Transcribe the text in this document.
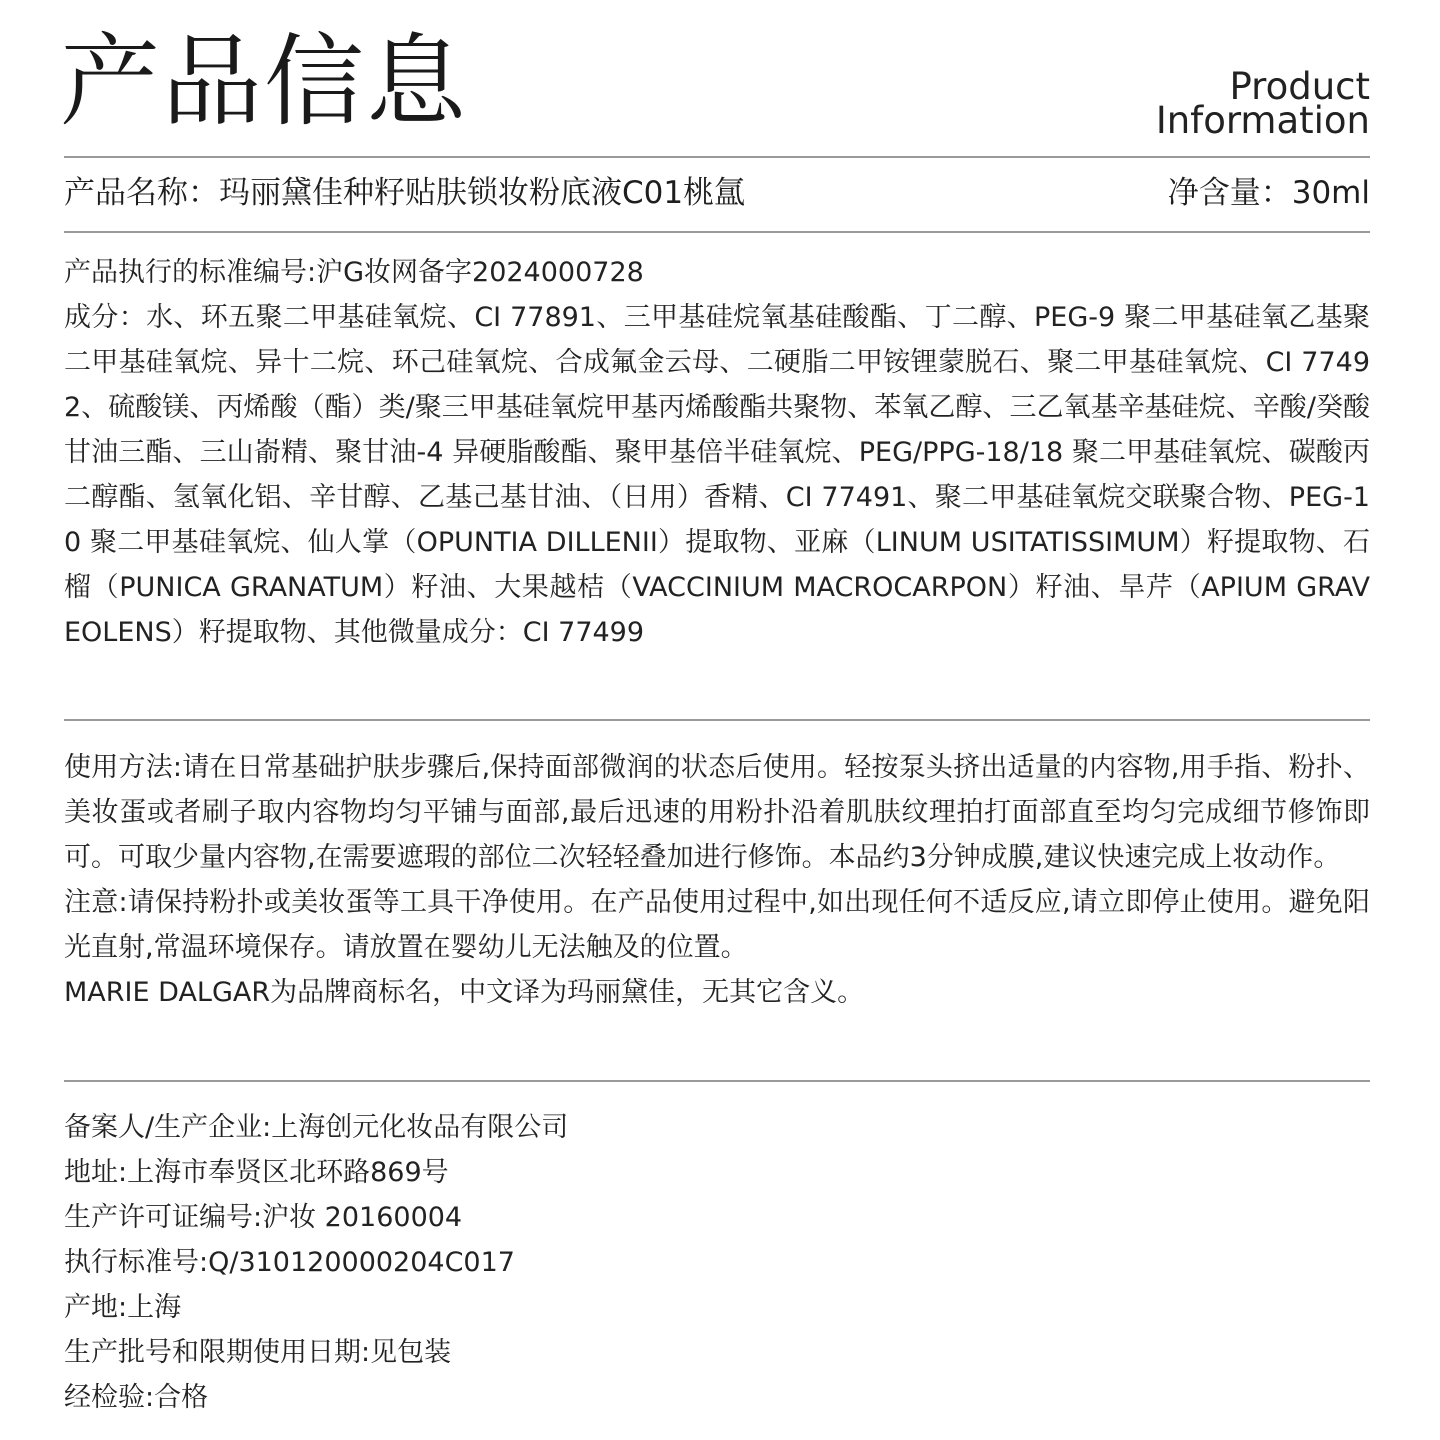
产品信息	Product
Information
产品名称：玛丽黛佳种籽贴肤锁妆粉底液C01桃氲	净含量：30ml

产品执行的标准编号:沪G妆网备字2024000728

成分：水、环五聚二甲基硅氧烷、CI 77891、三甲基硅烷氧基硅酸酯、丁二醇、PEG-9 聚二甲基硅氧乙基聚二甲基硅氧烷、异十二烷、环己硅氧烷、合成氟金云母、二硬脂二甲铵锂蒙脱石、聚二甲基硅氧烷、CI 77492、硫酸镁、丙烯酸（酯）类/聚三甲基硅氧烷甲基丙烯酸酯共聚物、苯氧乙醇、三乙氧基辛基硅烷、辛酸/癸酸甘油三酯、三山嵛精、聚甘油-4 异硬脂酸酯、聚甲基倍半硅氧烷、PEG/PPG-18/18 聚二甲基硅氧烷、碳酸丙二醇酯、氢氧化铝、辛甘醇、乙基己基甘油、（日用）香精、CI 77491、聚二甲基硅氧烷交联聚合物、PEG-10 聚二甲基硅氧烷、仙人掌（OPUNTIA DILLENII）提取物、亚麻（LINUM USITATISSIMUM）籽提取物、石榴（PUNICA GRANATUM）籽油、大果越桔（VACCINIUM MACROCARPON）籽油、旱芹（APIUM GRAVEOLENS）籽提取物、其他微量成分：CI 77499

使用方法:请在日常基础护肤步骤后,保持面部微润的状态后使用。轻按泵头挤出适量的内容物,用手指、粉扑、美妆蛋或者刷子取内容物均匀平铺与面部,最后迅速的用粉扑沿着肌肤纹理拍打面部直至均匀完成细节修饰即可。可取少量内容物,在需要遮瑕的部位二次轻轻叠加进行修饰。本品约3分钟成膜,建议快速完成上妆动作。

注意:请保持粉扑或美妆蛋等工具干净使用。在产品使用过程中,如出现任何不适反应,请立即停止使用。避免阳光直射,常温环境保存。请放置在婴幼儿无法触及的位置。

MARIE DALGAR为品牌商标名，中文译为玛丽黛佳，无其它含义。

备案人/生产企业:上海创元化妆品有限公司

地址:上海市奉贤区北环路869号

生产许可证编号:沪妆 20160004

执行标准号:Q/310120000204C017

产地:上海

生产批号和限期使用日期:见包装

经检验:合格
